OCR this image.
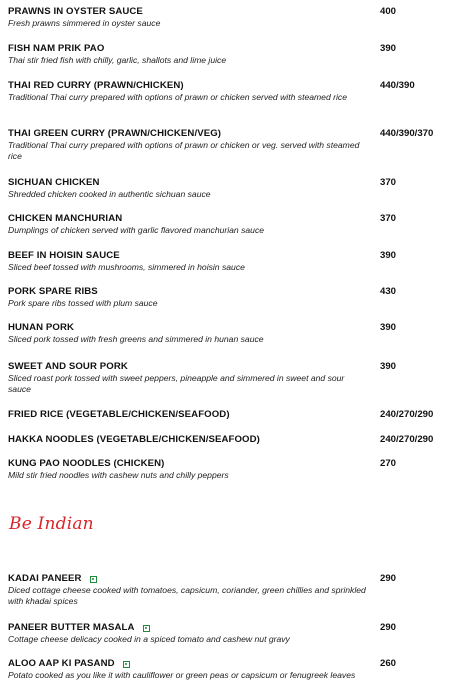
PRAWNS IN OYSTER SAUCE
Fresh prawns simmered in oyster sauce
400
FISH NAM PRIK PAO
Thai stir fried fish with chilly, garlic, shallots and lime juice
390
THAI RED CURRY (PRAWN/CHICKEN)
Traditional Thai curry prepared with options of prawn or chicken served with steamed rice
440/390
THAI GREEN CURRY (PRAWN/CHICKEN/VEG)
Traditional Thai curry prepared with options of prawn or chicken or veg. served with steamed rice
440/390/370
SICHUAN CHICKEN
Shredded chicken cooked in authentic sichuan sauce
370
CHICKEN MANCHURIAN
Dumplings of chicken served with garlic flavored manchurian sauce
370
BEEF IN HOISIN SAUCE
Sliced beef tossed with mushrooms, simmered in hoisin sauce
390
PORK SPARE RIBS
Pork spare ribs tossed with plum sauce
430
HUNAN PORK
Sliced pork tossed with fresh greens and simmered in hunan sauce
390
SWEET AND SOUR PORK
Sliced roast pork tossed with sweet peppers, pineapple and simmered in sweet and sour sauce
390
FRIED RICE (VEGETABLE/CHICKEN/SEAFOOD)	240/270/290
HAKKA NOODLES (VEGETABLE/CHICKEN/SEAFOOD)	240/270/290
KUNG PAO NOODLES (CHICKEN)
Mild stir fried noodles with cashew nuts and chilly peppers
270
KADAI PANEER
Diced cottage cheese cooked with tomatoes, capsicum, coriander, green chillies and sprinkled with khadai spices
290
PANEER BUTTER MASALA
Cottage cheese delicacy cooked in a spiced tomato and cashew nut gravy
290
ALOO AAP KI PASAND
Potato cooked as you like it with cauliflower or green peas or capsicum or fenugreek leaves
260
Be Indian
